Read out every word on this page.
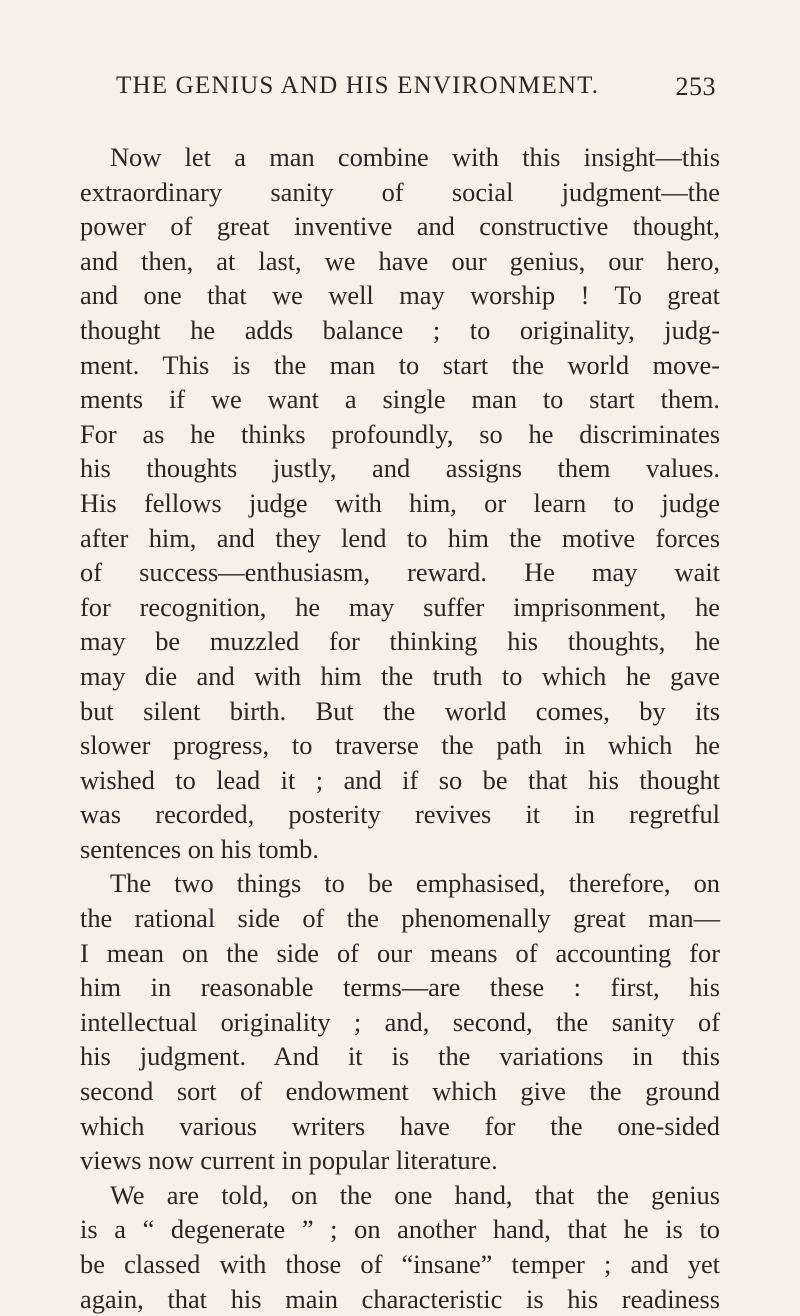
THE GENIUS AND HIS ENVIRONMENT.	253
Now let a man combine with this insight—this
extraordinary sanity of social judgment—the
power of great inventive and constructive thought,
and then, at last, we have our genius, our hero,
and one that we well may worship ! To great
thought he adds balance ; to originality, judg-
ment. This is the man to start the world move-
ments if we want a single man to start them.
For as he thinks profoundly, so he discriminates
his thoughts justly, and assigns them values.
His fellows judge with him, or learn to judge
after him, and they lend to him the motive forces
of success—enthusiasm, reward. He may wait
for recognition, he may suffer imprisonment, he
may be muzzled for thinking his thoughts, he
may die and with him the truth to which he gave
but silent birth. But the world comes, by its
slower progress, to traverse the path in which he
wished to lead it ; and if so be that his thought
was recorded, posterity revives it in regretful
sentences on his tomb.
The two things to be emphasised, therefore, on
the rational side of the phenomenally great man—
I mean on the side of our means of accounting for
him in reasonable terms—are these : first, his
intellectual originality ; and, second, the sanity of
his judgment. And it is the variations in this
second sort of endowment which give the ground
which various writers have for the one-sided
views now current in popular literature.
We are told, on the one hand, that the genius
is a “ degenerate ” ; on another hand, that he is to
be classed with those of “insane” temper ; and yet
again, that his main characteristic is his readiness
